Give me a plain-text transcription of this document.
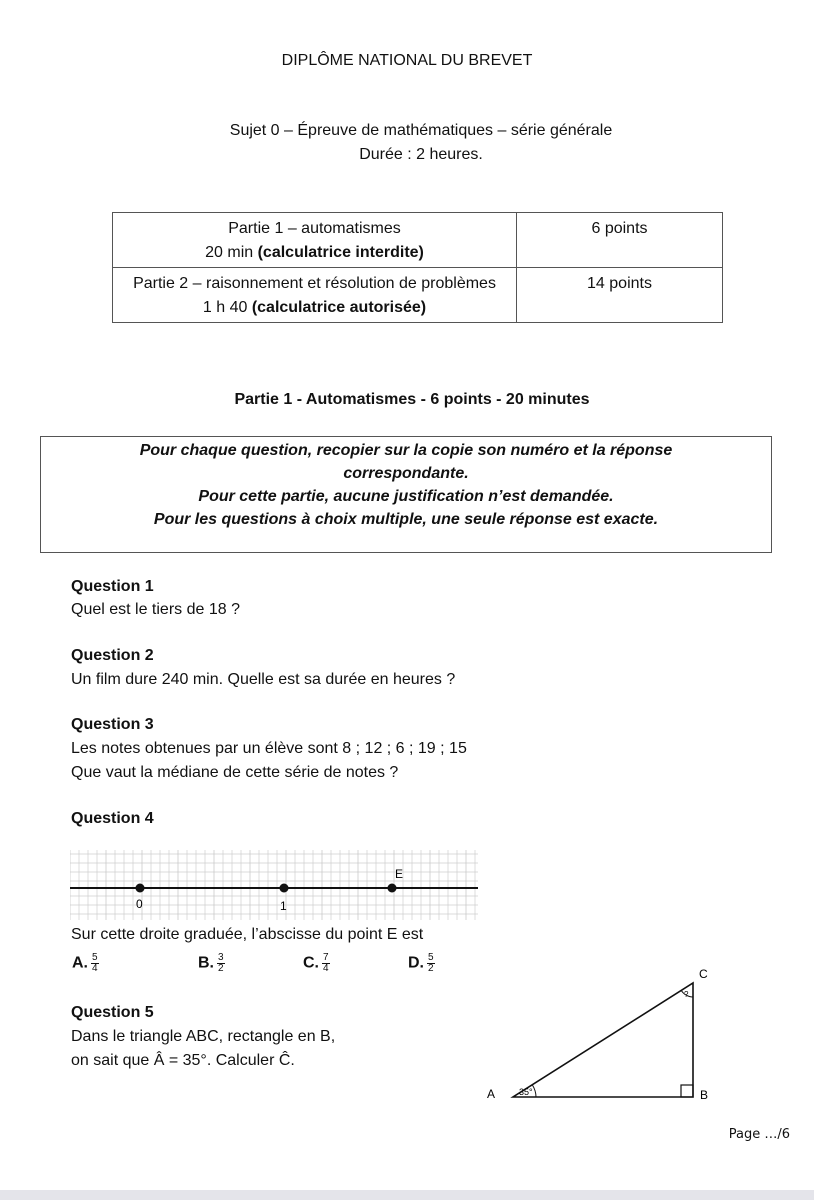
DIPLÔME NATIONAL DU BREVET
Sujet 0 – Épreuve de mathématiques – série générale
Durée : 2 heures.
Partie 1 – automatismes
20 min (calculatrice interdite)	6 points
Partie 2 – raisonnement et résolution de problèmes
1 h 40 (calculatrice autorisée)	14 points
Partie 1 - Automatismes - 6 points - 20 minutes
Pour chaque question, recopier sur la copie son numéro et la réponse
correspondante.
Pour cette partie, aucune justification n’est demandée.
Pour les questions à choix multiple, une seule réponse est exacte.
Question 1
Quel est le tiers de 18 ?
Question 2
Un film dure 240 min. Quelle est sa durée en heures ?
Question 3
Les notes obtenues par un élève sont 8 ; 12 ; 6 ; 19 ; 15
Que vaut la médiane de cette série de notes ?
Question 4
0	1
E
Sur cette droite graduée, l’abscisse du point E est
A. $\frac{5}{4}$	B. $\frac{3}{2}$	C. $\frac{7}{4}$	D. $\frac{5}{2}$
Question 5
Dans le triangle ABC, rectangle en B,
on sait que Â = 35°. Calculer Ĉ.
A	B
C
35°
?
Page …/6
